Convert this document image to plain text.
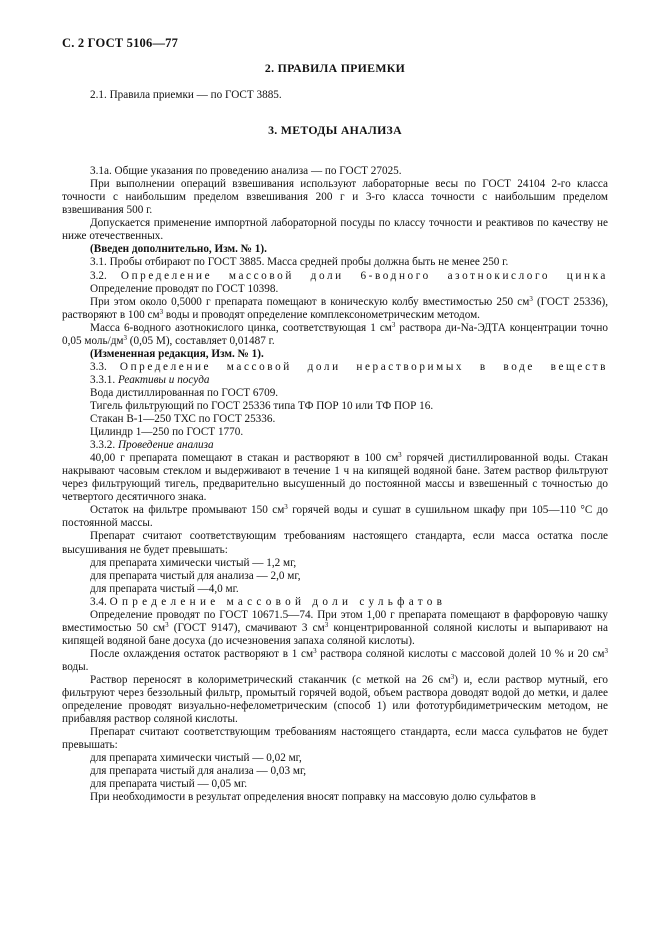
С. 2 ГОСТ 5106—77

2. ПРАВИЛА ПРИЕМКИ

2.1. Правила приемки — по ГОСТ 3885.

3. МЕТОДЫ АНАЛИЗА

3.1а. Общие указания по проведению анализа — по ГОСТ 27025.

При выполнении операций взвешивания используют лабораторные весы по ГОСТ 24104 2-го класса точности с наибольшим пределом взвешивания 200 г и 3-го класса точности с наибольшим пределом взвешивания 500 г.

Допускается применение импортной лабораторной посуды по классу точности и реактивов по качеству не ниже отечественных.

(Введен дополнительно, Изм. № 1).

3.1. Пробы отбирают по ГОСТ 3885. Масса средней пробы должна быть не менее 250 г.

3.2. Определение массовой доли 6-водного азотнокислого цинка

Определение проводят по ГОСТ 10398.

При этом около 0,5000 г препарата помещают в коническую колбу вместимостью 250 $см^3$ (ГОСТ 25336), растворяют в 100 $см^3$ воды и проводят определение комплексонометрическим методом.

Масса 6-водного азотнокислого цинка, соответствующая 1 $см^3$ раствора ди-Na-ЭДТА концентрации точно 0,05 моль/$дм^3$ (0,05 М), составляет 0,01487 г.

(Измененная редакция, Изм. № 1).

3.3. Определение массовой доли нерастворимых в воде веществ

3.3.1. Реактивы и посуда

Вода дистиллированная по ГОСТ 6709.

Тигель фильтрующий по ГОСТ 25336 типа ТФ ПОР 10 или ТФ ПОР 16.

Стакан В-1—250 ТХС по ГОСТ 25336.

Цилиндр 1—250 по ГОСТ 1770.

3.3.2. Проведение анализа

40,00 г препарата помещают в стакан и растворяют в 100 $см^3$ горячей дистиллированной воды. Стакан накрывают часовым стеклом и выдерживают в течение 1 ч на кипящей водяной бане. Затем раствор фильтруют через фильтрующий тигель, предварительно высушенный до постоянной массы и взвешенный с точностью до четвертого десятичного знака.

Остаток на фильтре промывают 150 $см^3$ горячей воды и сушат в сушильном шкафу при 105—110 °С до постоянной массы.

Препарат считают соответствующим требованиям настоящего стандарта, если масса остатка после высушивания не будет превышать:

для препарата химически чистый — 1,2 мг,

для препарата чистый для анализа — 2,0 мг,

для препарата чистый —4,0 мг.

3.4. Определение массовой доли сульфатов

Определение проводят по ГОСТ 10671.5—74. При этом 1,00 г препарата помещают в фарфоровую чашку вместимостью 50 $см^3$ (ГОСТ 9147), смачивают 3 $см^3$ концентрированной соляной кислоты и выпаривают на кипящей водяной бане досуха (до исчезновения запаха соляной кислоты).

После охлаждения остаток растворяют в 1 $см^3$ раствора соляной кислоты с массовой долей 10 % и 20 $см^3$ воды.

Раствор переносят в колориметрический стаканчик (с меткой на 26 $см^3$) и, если раствор мутный, его фильтруют через беззольный фильтр, промытый горячей водой, объем раствора доводят водой до метки, и далее определение проводят визуально-нефелометрическим (способ 1) или фототурбидиметрическим методом, не прибавляя раствор соляной кислоты.

Препарат считают соответствующим требованиям настоящего стандарта, если масса сульфатов не будет превышать:

для препарата химически чистый — 0,02 мг,

для препарата чистый для анализа — 0,03 мг,

для препарата чистый — 0,05 мг.

При необходимости в результат определения вносят поправку на массовую долю сульфатов в
